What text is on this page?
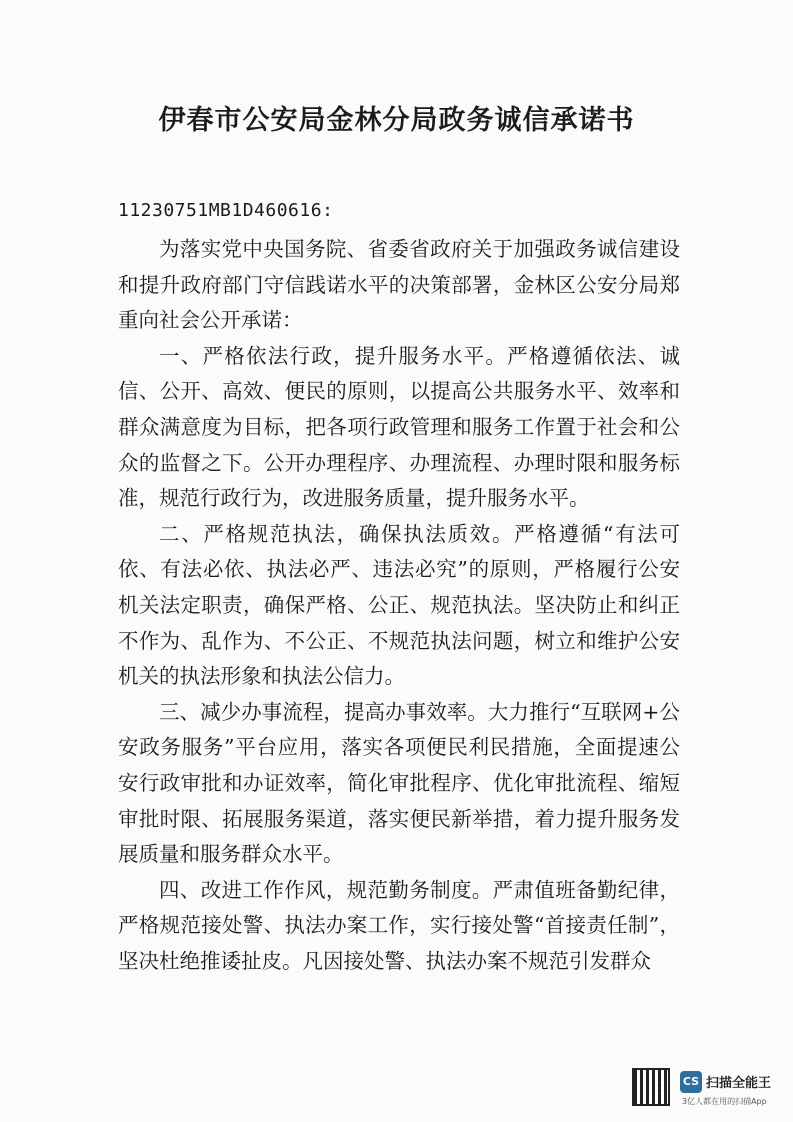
伊春市公安局金林分局政务诚信承诺书
11230751MB1D460616:

为落实党中央国务院、省委省政府关于加强政务诚信建设和提升政府部门守信践诺水平的决策部署，金林区公安分局郑重向社会公开承诺：

一、严格依法行政，提升服务水平。严格遵循依法、诚信、公开、高效、便民的原则，以提高公共服务水平、效率和群众满意度为目标，把各项行政管理和服务工作置于社会和公众的监督之下。公开办理程序、办理流程、办理时限和服务标准，规范行政行为，改进服务质量，提升服务水平。

二、严格规范执法，确保执法质效。严格遵循“有法可依、有法必依、执法必严、违法必究”的原则，严格履行公安机关法定职责，确保严格、公正、规范执法。坚决防止和纠正不作为、乱作为、不公正、不规范执法问题，树立和维护公安机关的执法形象和执法公信力。

三、减少办事流程，提高办事效率。大力推行“互联网+公安政务服务”平台应用，落实各项便民利民措施，全面提速公安行政审批和办证效率，简化审批程序、优化审批流程、缩短审批时限、拓展服务渠道，落实便民新举措，着力提升服务发展质量和服务群众水平。

四、改进工作作风，规范勤务制度。严肃值班备勤纪律，严格规范接处警、执法办案工作，实行接处警“首接责任制”，坚决杜绝推诿扯皮。凡因接处警、执法办案不规范引发群众

CS 扫描全能王
3亿人都在用的扫描App
